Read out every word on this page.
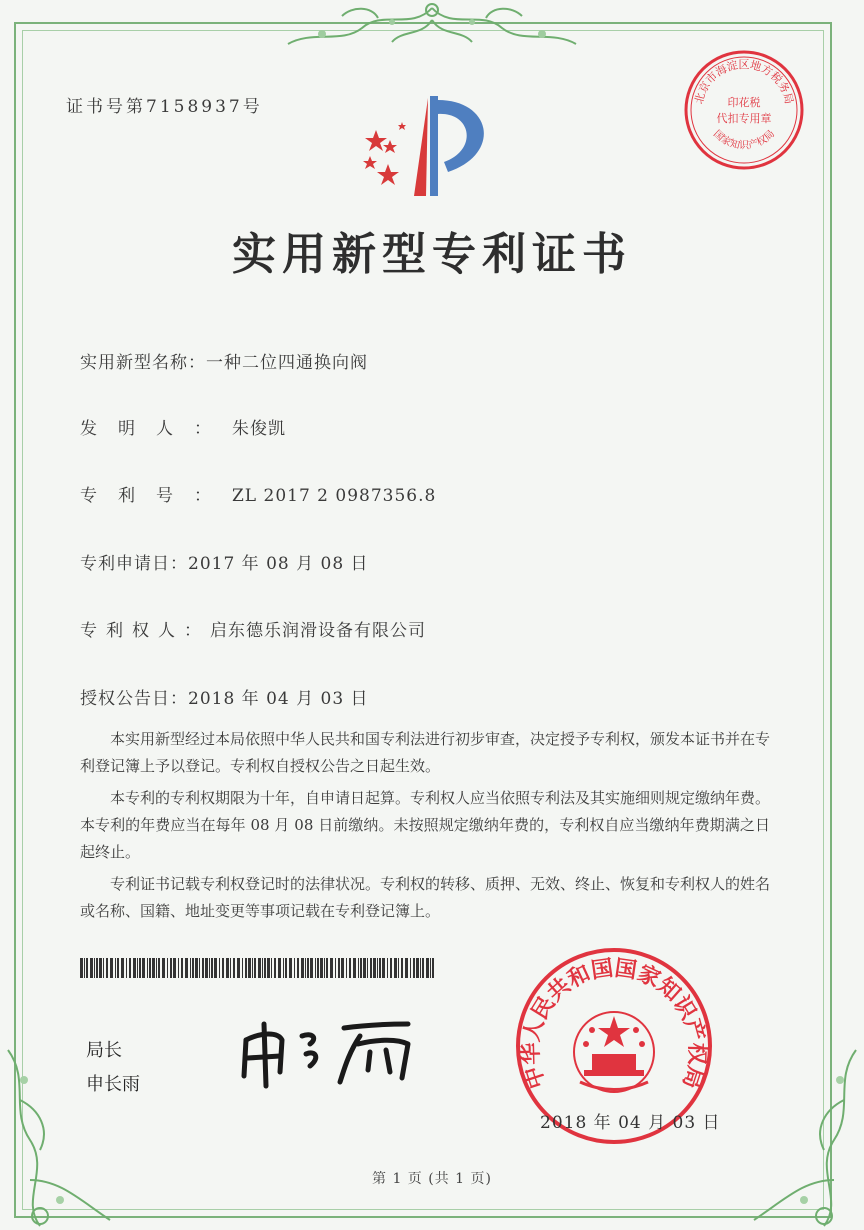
证书号第7158937号
实用新型专利证书
实用新型名称：一种二位四通换向阀
发明人：朱俊凯
专利号：ZL 2017 2 0987356.8
专利申请日：2017 年 08 月 08 日
专利权人：启东德乐润滑设备有限公司
授权公告日：2018 年 04 月 03 日

本实用新型经过本局依照中华人民共和国专利法进行初步审查，决定授予专利权，颁发本证书并在专利登记簿上予以登记。专利权自授权公告之日起生效。

本专利的专利权期限为十年，自申请日起算。专利权人应当依照专利法及其实施细则规定缴纳年费。本专利的年费应当在每年 08 月 08 日前缴纳。未按照规定缴纳年费的，专利权自应当缴纳年费期满之日起终止。

专利证书记载专利权登记时的法律状况。专利权的转移、质押、无效、终止、恢复和专利权人的姓名或名称、国籍、地址变更等事项记载在专利登记簿上。

局长
申长雨
北京市海淀区地方税务局
印花税
代扣专用章
国家知识产权局
中华人民共和国国家知识产权局
2018 年 04 月 03 日
第 1 页 (共 1 页)
